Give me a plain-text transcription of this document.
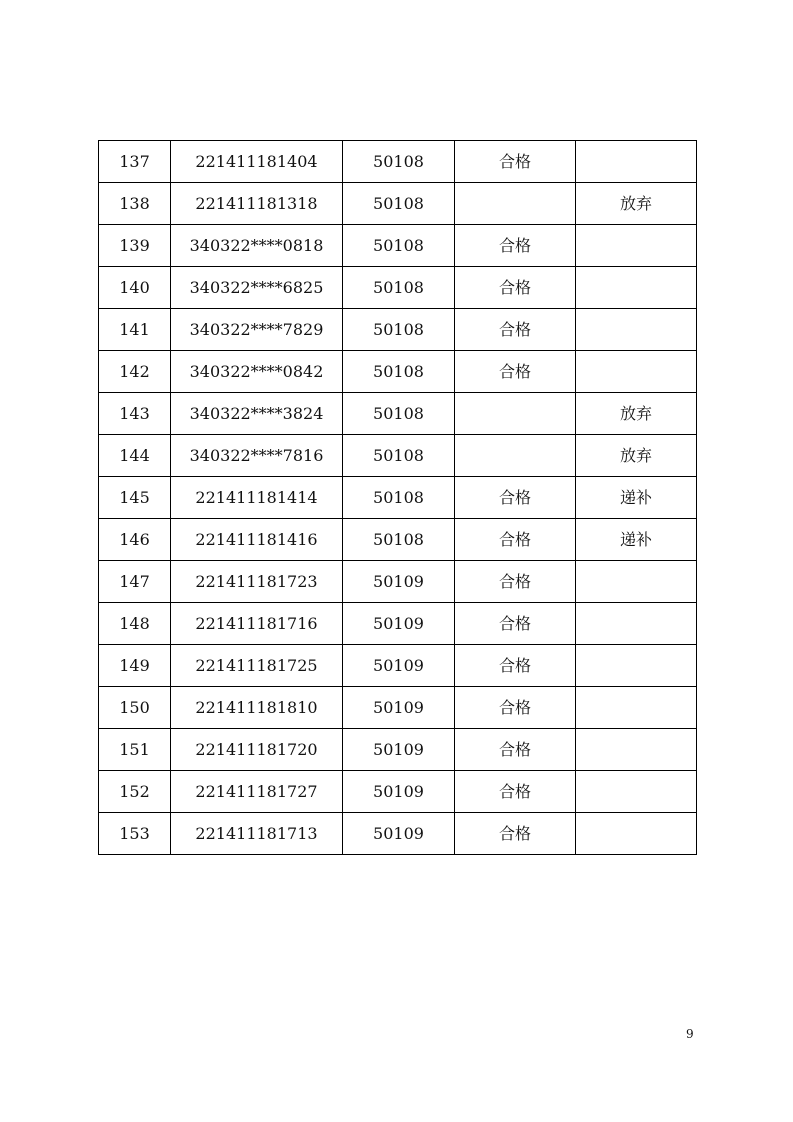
137	221411181404	50108	合格	
138	221411181318	50108		放弃
139	340322****0818	50108	合格	
140	340322****6825	50108	合格	
141	340322****7829	50108	合格	
142	340322****0842	50108	合格	
143	340322****3824	50108		放弃
144	340322****7816	50108		放弃
145	221411181414	50108	合格	递补
146	221411181416	50108	合格	递补
147	221411181723	50109	合格	
148	221411181716	50109	合格	
149	221411181725	50109	合格	
150	221411181810	50109	合格	
151	221411181720	50109	合格	
152	221411181727	50109	合格	
153	221411181713	50109	合格	
9
